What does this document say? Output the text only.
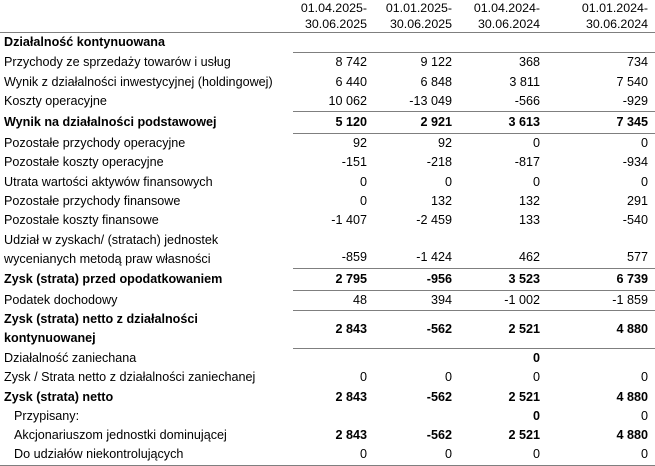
	01.04.2025-
30.06.2025	01.01.2025-
30.06.2025	01.04.2024-
30.06.2024	01.01.2024-
30.06.2024

Działalność kontynuowana				
Przychody ze sprzedaży towarów i usług	8 742	9 122	368	734
Wynik z działalności inwestycyjnej (holdingowej)	6 440	6 848	3 811	7 540
Koszty operacyjne	10 062	-13 049	-566	-929
Wynik na działalności podstawowej	5 120	2 921	3 613	7 345
Pozostałe przychody operacyjne	92	92	0	0
Pozostałe koszty operacyjne	-151	-218	-817	-934
Utrata wartości aktywów finansowych	0	0	0	0
Pozostałe przychody finansowe	0	132	132	291
Pozostałe koszty finansowe	-1 407	-2 459	133	-540
Udział w zyskach/ (stratach) jednostek wycenianych metodą praw własności	-859	-1 424	462	577
Zysk (strata) przed opodatkowaniem	2 795	-956	3 523	6 739
Podatek dochodowy	48	394	-1 002	-1 859
Zysk (strata) netto z działalności kontynuowanej	2 843	-562	2 521	4 880
Działalność zaniechana			0	
Zysk / Strata netto z działalności zaniechanej	0	0	0	0
Zysk (strata) netto	2 843	-562	2 521	4 880
Przypisany:			0	0
Akcjonariuszom jednostki dominującej	2 843	-562	2 521	4 880
Do udziałów niekontrolujących	0	0	0	0
